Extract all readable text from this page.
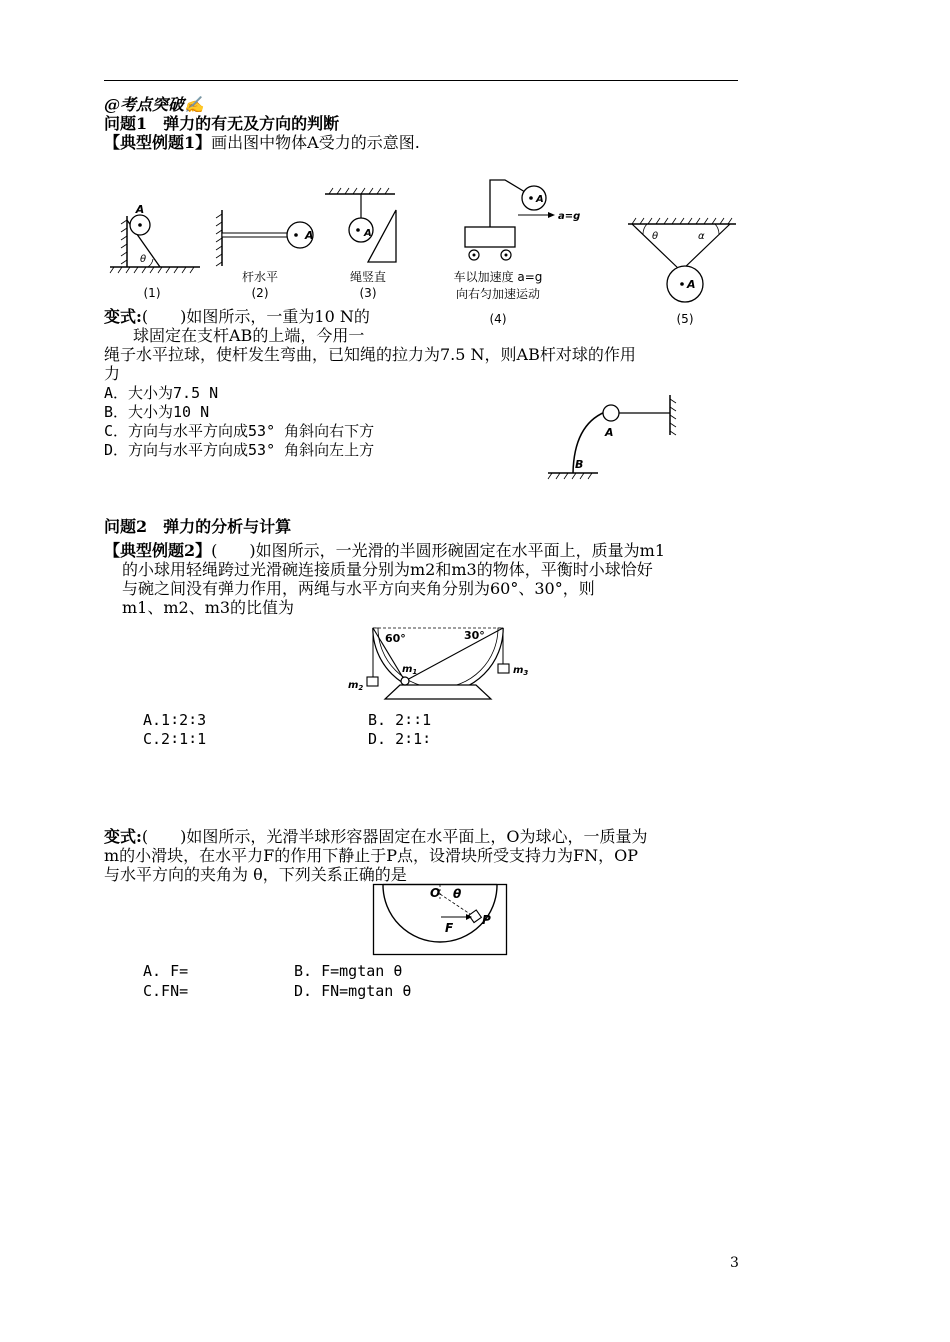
@考点突破✍
问题1　弹力的有无及方向的判断
【典型例题1】画出图中物体A受力的示意图.
A
θ
(1)
A
杆水平
(2)
A
绳竖直
(3)
A
a=g
车以加速度 a=g
向右匀加速运动
(4)
θ	α
A
(5)
变式:(　　)如图所示，一重为10 N的
球固定在支杆AB的上端，今用一
绳子水平拉球，使杆发生弯曲，已知绳的拉力为7.5 N，则AB杆对球的作用
力
A．大小为7.5 N
B．大小为10 N
C．方向与水平方向成53° 角斜向右下方
D．方向与水平方向成53° 角斜向左上方
A
B
问题2　弹力的分析与计算
【典型例题2】(　　)如图所示，一光滑的半圆形碗固定在水平面上，质量为m1
的小球用轻绳跨过光滑碗连接质量分别为m2和m3的物体，平衡时小球恰好
与碗之间没有弹力作用，两绳与水平方向夹角分别为60°、30°，则
m1、m2、m3的比值为
60°	30°
$m_1$
$m_2$
$m_3$
A.1∶2∶3	B. 2∶∶1
C.2∶1∶1	D. 2∶1∶
变式:(　　)如图所示，光滑半球形容器固定在水平面上，O为球心，一质量为
m的小滑块，在水平力F的作用下静止于P点，设滑块所受支持力为FN，OP
与水平方向的夹角为 θ，下列关系正确的是
O θ
F
P
A. F=	B. F=mgtan θ
C.FN=	D. FN=mgtan θ
3
